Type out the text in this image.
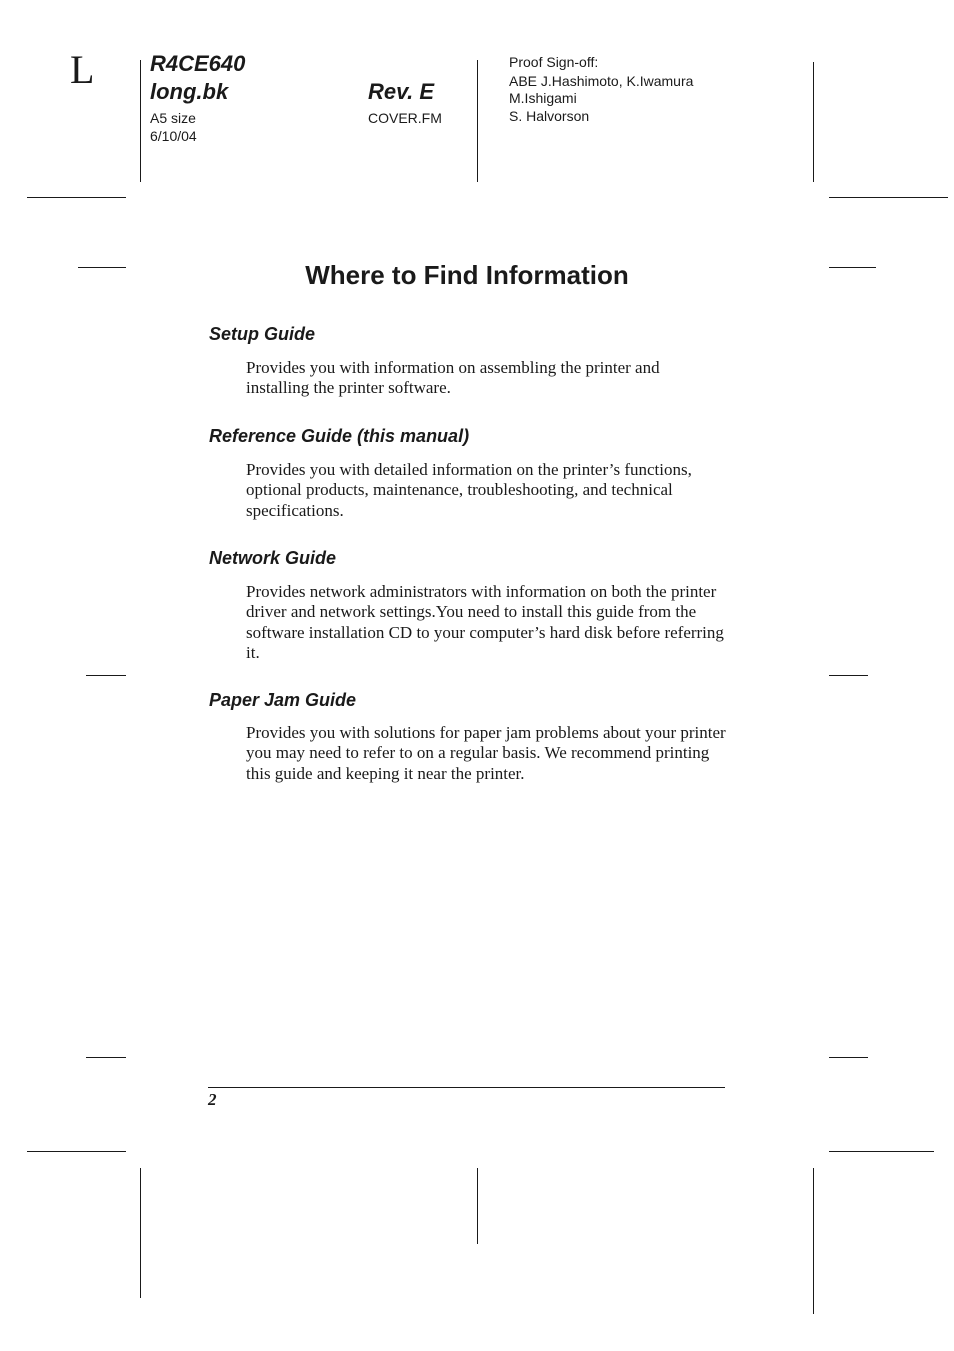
L	R4CE640
long.bk
A5 size
6/10/04
Rev. E
COVER.FM
Proof Sign-off:
ABE J.Hashimoto, K.Iwamura
M.Ishigami
S. Halvorson
Where to Find Information
Setup Guide

Provides you with information on assembling the printer and installing the printer software.

Reference Guide (this manual)

Provides you with detailed information on the printer’s functions, optional products, maintenance, troubleshooting, and technical specifications.

Network Guide

Provides network administrators with information on both the printer driver and network settings.You need to install this guide from the software installation CD to your computer’s hard disk before referring it.

Paper Jam Guide

Provides you with solutions for paper jam problems about your printer you may need to refer to on a regular basis. We recommend printing this guide and keeping it near the printer.

2
